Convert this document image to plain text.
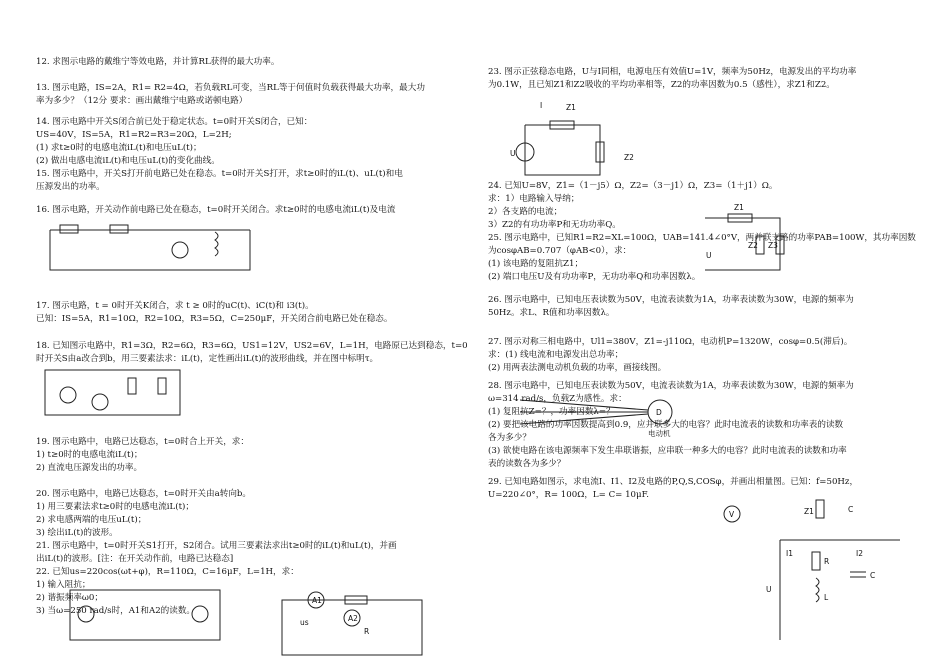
12. 求图示电路的戴维宁等效电路，并计算RL获得的最大功率。
13. 图示电路，IS=2A，R1= R2=4Ω，若负载RL可变，当RL等于何值时负载获得最大功率，最大功
率为多少？（12分 要求：画出戴维宁电路或诺顿电路）
14. 图示电路中开关S闭合前已处于稳定状态。t=0时开关S闭合，已知：
US=40V，IS=5A，R1=R2=R3=20Ω，L=2H;
(1) 求t≥0时的电感电流iL(t)和电压uL(t)；
(2) 做出电感电流iL(t)和电压uL(t)的变化曲线。
15. 图示电路中，开关S打开前电路已处在稳态。t=0时开关S打开，求t≥0时的iL(t)、uL(t)和电
压源发出的功率。
16. 图示电路，开关动作前电路已处在稳态，t=0时开关闭合。求t≥0时的电感电流iL(t)及电流
17. 图示电路，t = 0时开关K闭合，求 t ≥ 0时的uC(t)、iC(t)和 i3(t)。
已知：IS=5A，R1=10Ω，R2=10Ω，R3=5Ω，C=250μF，开关闭合前电路已处在稳态。
18. 已知图示电路中，R1=3Ω，R2=6Ω，R3=6Ω，US1=12V，US2=6V，L=1H，电路原已达到稳态，t=0
时开关S由a改合到b，用三要素法求：iL(t)，定性画出iL(t)的波形曲线，并在图中标明τ。
19. 图示电路中，电路已达稳态，t=0时合上开关，求：
1) t≥0时的电感电流iL(t)；
2) 直流电压源发出的功率。
20. 图示电路中，电路已达稳态，t=0时开关由a转向b。
1) 用三要素法求t≥0时的电感电流iL(t)；
2) 求电感两端的电压uL(t)；
3) 绘出iL(t)的波形。
21. 图示电路中，t=0时开关S1打开，S2闭合。试用三要素法求出t≥0时的iL(t)和uL(t)，并画
出iL(t)的波形。[注：在开关动作前，电路已达稳态]
22. 已知us=220cos(ωt+φ)，R=110Ω，C=16μF，L=1H，求：
1) 输入阻抗；
2) 谐振频率ω0；
3) 当ω=250 rad/s时，A1和A2的读数。
A1
A2
R
us
23. 图示正弦稳态电路，U与I同相，电源电压有效值U=1V，频率为50Hz，电源发出的平均功率
为0.1W，且已知Z1和Z2吸收的平均功率相等，Z2的功率因数为0.5（感性），求Z1和Z2。
24. 已知U=8V，Z1=（1－j5）Ω，Z2=（3－j1）Ω，Z3=（1＋j1）Ω。
求：1）电路输入导纳；
2）各支路的电流；
3）Z2的有功功率P和无功功率Q。
25. 图示电路中，已知R1=R2=XL=100Ω，UAB=141.4∠0°V，两并联支路的功率PAB=100W，其功率因数
为cosφAB=0.707（φAB<0），求：
(1) 该电路的复阻抗Z1；
(2) 端口电压U及有功功率P，无功功率Q和功率因数λ。
26. 图示电路中，已知电压表读数为50V，电流表读数为1A，功率表读数为30W，电源的频率为
50Hz。求L、R值和功率因数λ。
27. 图示对称三相电路中，Ul1=380V，Z1=-j110Ω，电动机P=1320W，cosφ=0.5(滞后)。
求：(1) 线电流和电源发出总功率；
(2) 用两表法测电动机负载的功率，画接线图。
28. 图示电路中，已知电压表读数为50V，电流表读数为1A，功率表读数为30W，电源的频率为
ω=314 rad/s，负载Z为感性。求：
(1) 复阻抗Z=？，功率因数λ=？
(2) 要把该电路的功率因数提高到0.9，应并联多大的电容？此时电流表的读数和功率表的读数
各为多少？
(3) 欲使电路在该电源频率下发生串联谐振，应串联一种多大的电容？此时电流表的读数和功率
表的读数各为多少？
29. 已知电路如图示，求电流I、I1、I2及电路的P,Q,S,COSφ，并画出相量图。已知：f=50Hz，
U=220∠0°，R= 100Ω，L= C= 10μF.
I	Z1
Z2
U
Z1
Z2 Z3
U
D
电动机
V	Z1	C
I1
R
L
C
I2
U
